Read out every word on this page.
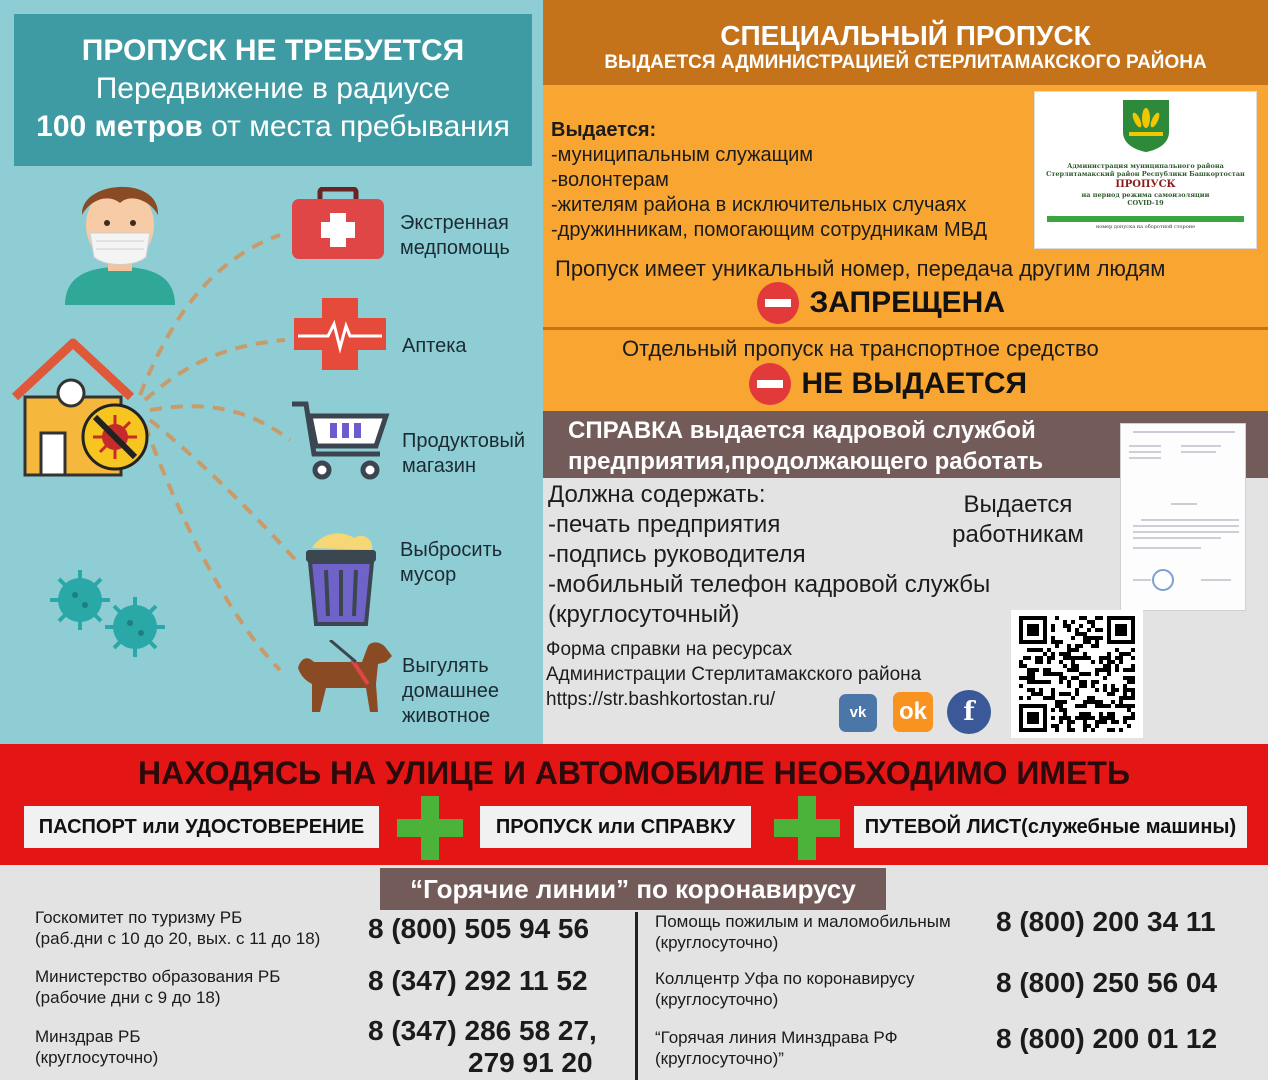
ПРОПУСК НЕ ТРЕБУЕТСЯ
Передвижение в радиусе
100 метров от места пребывания
Экстренная
медпомощь
Аптека
Продуктовый
магазин
Выбросить
мусор
Выгулять
домашнее
животное
СПЕЦИАЛЬНЫЙ ПРОПУСК
ВЫДАЕТСЯ АДМИНИСТРАЦИЕЙ СТЕРЛИТАМАКСКОГО РАЙОНА
Выдается:
-муниципальным служащим
-волонтерам
-жителям района в исключительных случаях
-дружинникам, помогающим сотрудникам МВД
Администрация муниципального района
Стерлитамакский район Республики Башкортостан
ПРОПУСК
на период режима самоизоляции
COVID-19
номер допуска на оборотной стороне
Пропуск имеет уникальный номер, передача другим людям
ЗАПРЕЩЕНА
Отдельный пропуск на транспортное средство
НЕ ВЫДАЕТСЯ
СПРАВКА выдается кадровой службой
предприятия,продолжающего работать
Должна содержать:
-печать предприятия
-подпись руководителя
-мобильный телефон кадровой службы
(круглосуточный)
Выдается
работникам
Форма справки на ресурсах
Администрации Стерлитамакского района
https://str.bashkortostan.ru/
vk	ok	f
НАХОДЯСЬ НА УЛИЦЕ И АВТОМОБИЛЕ НЕОБХОДИМО ИМЕТЬ
ПАСПОРТ или УДОСТОВЕРЕНИЕ	ПРОПУСК или СПРАВКУ	ПУТЕВОЙ ЛИСТ(служебные машины)
“Горячие линии” по коронавирусу
Госкомитет по туризму РБ
(раб.дни с 10 до 20, вых. с 11 до 18) 8 (800) 505 94 56
Министерство образования РБ
(рабочие дни с 9 до 18)
8 (347) 292 11 52
Минздрав РБ
(круглосуточно)
8 (347) 286 58 27,
279 91 20
Помощь пожилым и маломобильным
(круглосуточно)
8 (800) 200 34 11
Коллцентр Уфа по коронавирусу
(круглосуточно)
8 (800) 250 56 04
“Горячая линия Минздрава РФ
(круглосуточно)”
8 (800) 200 01 12
